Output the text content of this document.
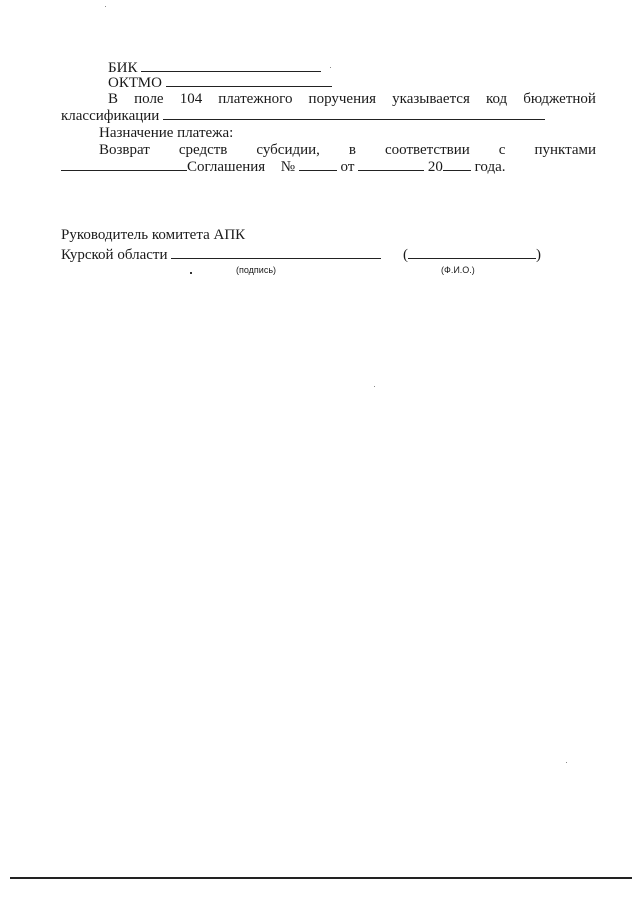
БИК
ОКТМО
В поле 104 платежного поручения указывается код бюджетной
классификации
Назначение платежа:
Возврат средств субсидии, в соответствии с пунктами
Соглашения №	от	20 года.
Руководитель комитета АПК
Курской области	(	)
(подпись)	(Ф.И.О.)
